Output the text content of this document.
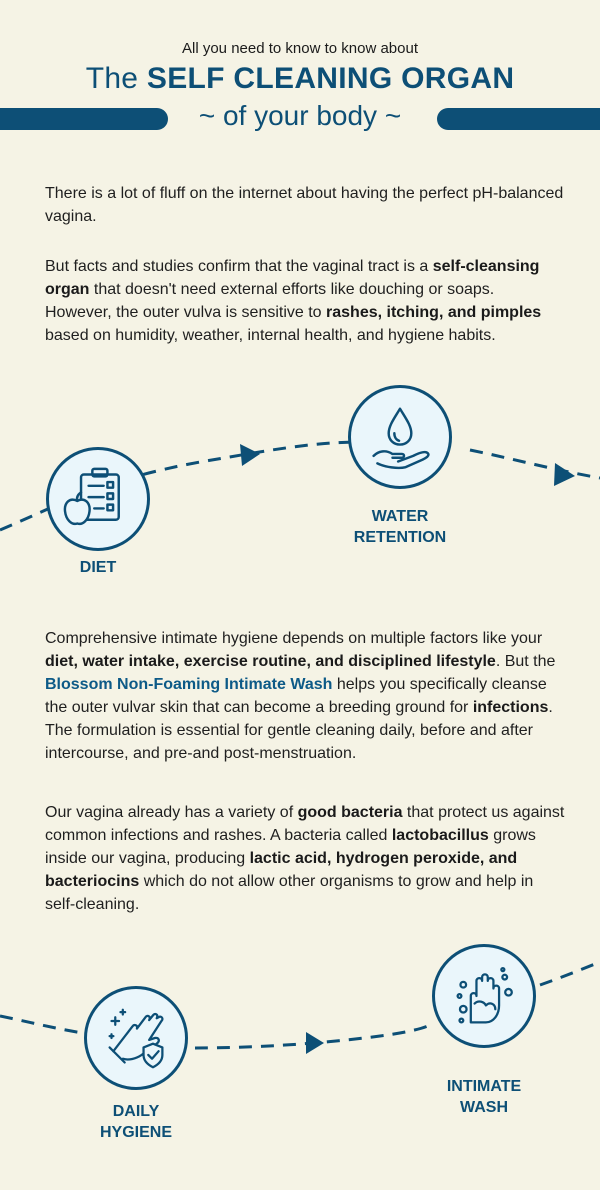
All you need to know to know about
The SELF CLEANING ORGAN
~ of your body ~
There is a lot of fluff on the internet about having the perfect pH-balanced vagina.
But facts and studies confirm that the vaginal tract is a self-cleansing organ that doesn't need external efforts like douching or soaps. However, the outer vulva is sensitive to rashes, itching, and pimples based on humidity, weather, internal health, and hygiene habits.
DIET
WATER
RETENTION
Comprehensive intimate hygiene depends on multiple factors like your diet, water intake, exercise routine, and disciplined lifestyle. But the Blossom Non-Foaming Intimate Wash helps you specifically cleanse the outer vulvar skin that can become a breeding ground for infections. The formulation is essential for gentle cleaning daily, before and after intercourse, and pre-and post-menstruation.
Our vagina already has a variety of good bacteria that protect us against common infections and rashes. A bacteria called lactobacillus grows inside our vagina, producing lactic acid, hydrogen peroxide, and bacteriocins which do not allow other organisms to grow and help in self-cleaning.
DAILY
HYGIENE
INTIMATE
WASH
